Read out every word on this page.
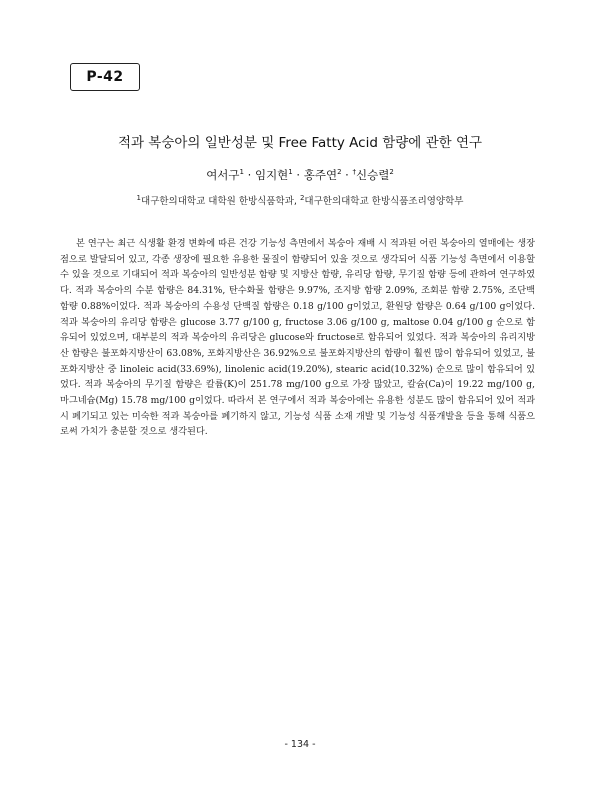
P-42
적과 복숭아의 일반성분 및 Free Fatty Acid 함량에 관한 연구
여서구$^1$ · 임지현$^1$ · 홍주연$^2$ · †신승렬$^2$
$^1$대구한의대학교 대학원 한방식품학과, $^2$대구한의대학교 한방식품조리영양학부

본 연구는 최근 식생활 환경 변화에 따른 건강 기능성 측면에서 복숭아 재배 시 적과된 어린 복숭아의 열매에는 생장점으로 발달되어 있고, 각종 생장에 필요한 유용한 물질이 함량되어 있을 것으로 생각되어 식품 기능성 측면에서 이용할 수 있을 것으로 기대되어 적과 복숭아의 일반성분 함량 및 지방산 함량, 유리당 함량, 무기질 함량 등에 관하여 연구하였다. 적과 복숭아의 수분 함량은 84.31%, 탄수화물 함량은 9.97%, 조지방 함량 2.09%, 조회분 함량 2.75%, 조단백 함량 0.88%이었다. 적과 복숭아의 수용성 단백질 함량은 0.18 g/100 g이었고, 환원당 함량은 0.64 g/100 g이었다. 적과 복숭아의 유리당 함량은 glucose 3.77 g/100 g, fructose 3.06 g/100 g, maltose 0.04 g/100 g 순으로 함유되어 있었으며, 대부분의 적과 복숭아의 유리당은 glucose와 fructose로 함유되어 있었다. 적과 복숭아의 유리지방산 함량은 불포화지방산이 63.08%, 포화지방산은 36.92%으로 불포화지방산의 함량이 훨씬 많이 함유되어 있었고, 불포화지방산 중 linoleic acid(33.69%), linolenic acid(19.20%), stearic acid(10.32%) 순으로 많이 함유되어 있었다. 적과 복숭아의 무기질 함량은 칼륨(K)이 251.78 mg/100 g으로 가장 많았고, 칼슘(Ca)이 19.22 mg/100 g, 마그네슘(Mg) 15.78 mg/100 g이었다. 따라서 본 연구에서 적과 복숭아에는 유용한 성분도 많이 함유되어 있어 적과 시 폐기되고 있는 미숙한 적과 복숭아를 폐기하지 않고, 기능성 식품 소재 개발 및 기능성 식품개발을 등을 통해 식품으로써 가치가 충분할 것으로 생각된다.

- 134 -
